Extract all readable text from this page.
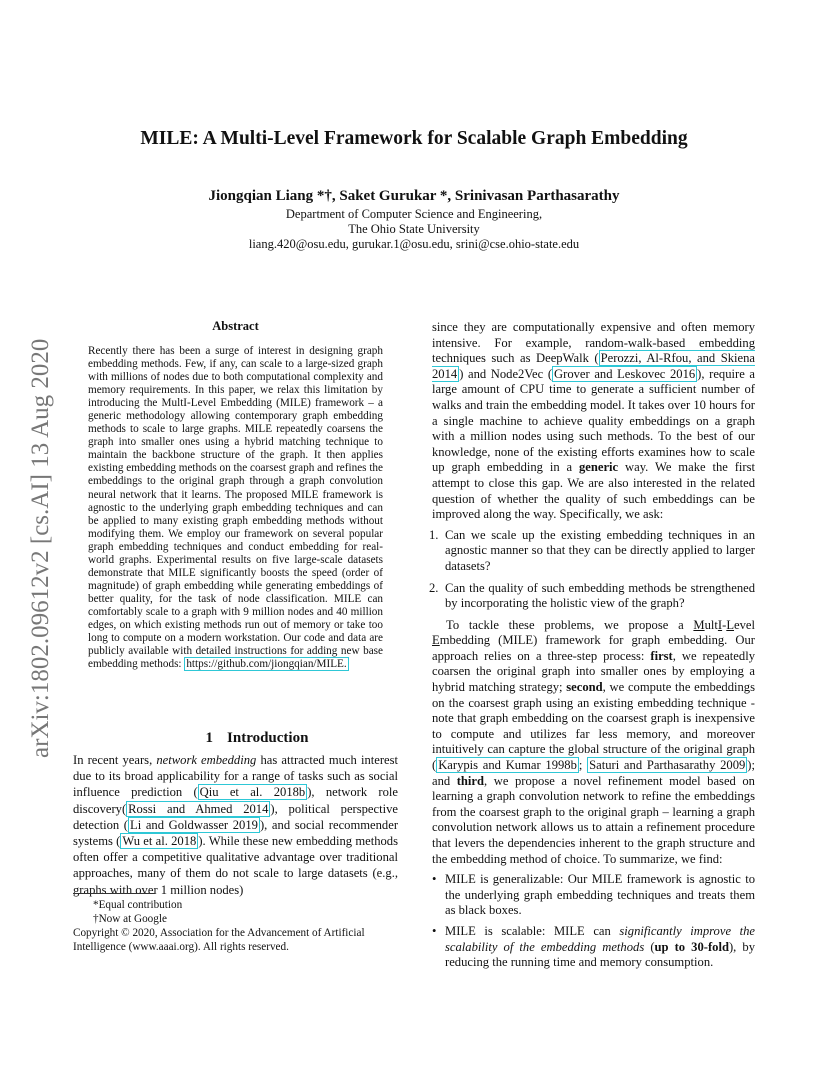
arXiv:1802.09612v2 [cs.AI] 13 Aug 2020
MILE: A Multi-Level Framework for Scalable Graph Embedding
Jiongqian Liang *†, Saket Gurukar *, Srinivasan Parthasarathy
Department of Computer Science and Engineering,
The Ohio State University
liang.420@osu.edu, gurukar.1@osu.edu, srini@cse.ohio-state.edu
Abstract
Recently there has been a surge of interest in designing graph embedding methods. Few, if any, can scale to a large-sized graph with millions of nodes due to both computational complexity and memory requirements. In this paper, we relax this limitation by introducing the MultI-Level Embedding (MILE) framework – a generic methodology allowing contemporary graph embedding methods to scale to large graphs. MILE repeatedly coarsens the graph into smaller ones using a hybrid matching technique to maintain the backbone structure of the graph. It then applies existing embedding methods on the coarsest graph and refines the embeddings to the original graph through a graph convolution neural network that it learns. The proposed MILE framework is agnostic to the underlying graph embedding techniques and can be applied to many existing graph embedding methods without modifying them. We employ our framework on several popular graph embedding techniques and conduct embedding for real-world graphs. Experimental results on five large-scale datasets demonstrate that MILE significantly boosts the speed (order of magnitude) of graph embedding while generating embeddings of better quality, for the task of node classification. MILE can comfortably scale to a graph with 9 million nodes and 40 million edges, on which existing methods run out of memory or take too long to compute on a modern workstation. Our code and data are publicly available with detailed instructions for adding new base embedding methods: https://github.com/jiongqian/MILE.
1 Introduction
In recent years, network embedding has attracted much interest due to its broad applicability for a range of tasks such as social influence prediction ( Qiu et al. 2018b ), network role discovery( Rossi and Ahmed 2014 ), political perspective detection ( Li and Goldwasser 2019 ), and social recommender systems ( Wu et al. 2018 ). While these new embedding methods often offer a competitive qualitative advantage over traditional approaches, many of them do not scale to large datasets (e.g., graphs with over 1 million nodes)
*Equal contribution
†Now at Google
Copyright © 2020, Association for the Advancement of Artificial Intelligence (www.aaai.org). All rights reserved.

since they are computationally expensive and often memory intensive. For example, random-walk-based embedding techniques such as DeepWalk ( Perozzi, Al-Rfou, and Skiena 2014 ) and Node2Vec ( Grover and Leskovec 2016 ), require a large amount of CPU time to generate a sufficient number of walks and train the embedding model. It takes over 10 hours for a single machine to achieve quality embeddings on a graph with a million nodes using such methods. To the best of our knowledge, none of the existing efforts examines how to scale up graph embedding in a generic way. We make the first attempt to close this gap. We are also interested in the related question of whether the quality of such embeddings can be improved along the way. Specifically, we ask:

1. Can we scale up the existing embedding techniques in an agnostic manner so that they can be directly applied to larger datasets?
2. Can the quality of such embedding methods be strengthened by incorporating the holistic view of the graph?

To tackle these problems, we propose a MultI-Level Embedding (MILE) framework for graph embedding. Our approach relies on a three-step process: first, we repeatedly coarsen the original graph into smaller ones by employing a hybrid matching strategy; second, we compute the embeddings on the coarsest graph using an existing embedding technique - note that graph embedding on the coarsest graph is inexpensive to compute and utilizes far less memory, and moreover intuitively can capture the global structure of the original graph ( Karypis and Kumar 1998b ; Saturi and Parthasarathy 2009 ); and third, we propose a novel refinement model based on learning a graph convolution network to refine the embeddings from the coarsest graph to the original graph – learning a graph convolution network allows us to attain a refinement procedure that levers the dependencies inherent to the graph structure and the embedding method of choice. To summarize, we find:

• MILE is generalizable: Our MILE framework is agnostic to the underlying graph embedding techniques and treats them as black boxes.
• MILE is scalable: MILE can significantly improve the scalability of the embedding methods (up to 30-fold), by reducing the running time and memory consumption.
